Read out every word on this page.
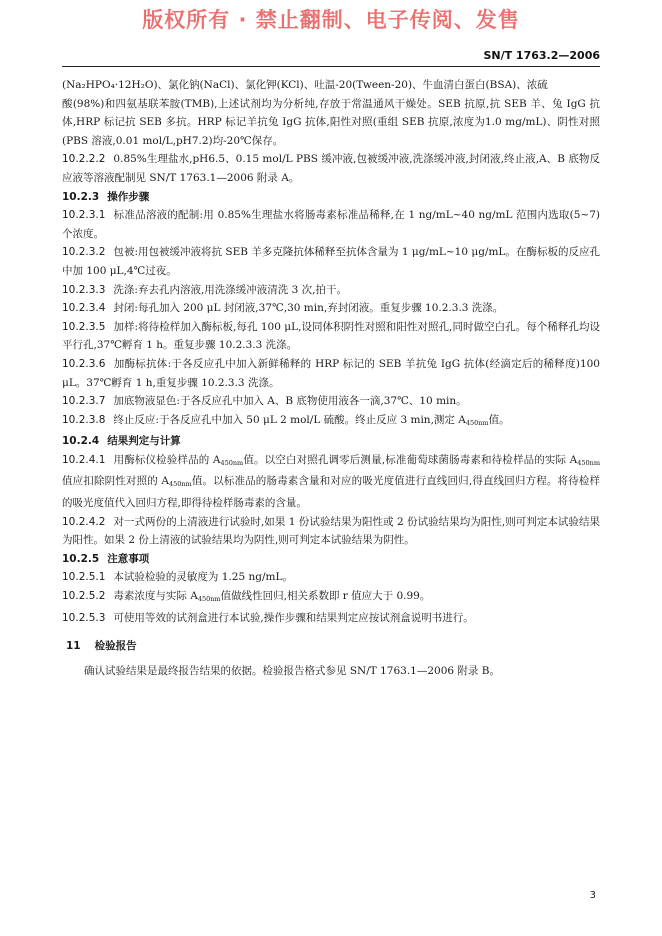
版权所有 · 禁止翻制、电子传阅、发售
SN/T 1763.2—2006

(Na₂HPO₄·12H₂O)、氯化钠(NaCl)、氯化钾(KCl)、吐温-20(Tween-20)、牛血清白蛋白(BSA)、浓硫

酸(98%)和四氨基联苯胺(TMB),上述试剂均为分析纯,存放于常温通风干燥处。SEB 抗原,抗 SEB 羊、兔 IgG 抗体,HRP 标记抗 SEB 多抗。HRP 标记羊抗兔 IgG 抗体,阳性对照(重组 SEB 抗原,浓度为1.0 mg/mL)、阴性对照(PBS 溶液,0.01 mol/L,pH7.2)均-20℃保存。

10.2.2.2 0.85%生理盐水,pH6.5、0.15 mol/L PBS 缓冲液,包被缓冲液,洗涤缓冲液,封闭液,终止液,A、B 底物反应液等溶液配制见 SN/T 1763.1—2006 附录 A。

10.2.3 操作步骤

10.2.3.1 标准品溶液的配制:用 0.85%生理盐水将肠毒素标准品稀释,在 1 ng/mL~40 ng/mL 范围内选取(5~7)个浓度。

10.2.3.2 包被:用包被缓冲液将抗 SEB 羊多克隆抗体稀释至抗体含量为 1 μg/mL~10 μg/mL。在酶标板的反应孔中加 100 μL,4℃过夜。

10.2.3.3 洗涤:弃去孔内溶液,用洗涤缓冲液清洗 3 次,拍干。

10.2.3.4 封闭:每孔加入 200 μL 封闭液,37℃,30 min,弃封闭液。重复步骤 10.2.3.3 洗涤。

10.2.3.5 加样:将待检样加入酶标板,每孔 100 μL,设同体积阴性对照和阳性对照孔,同时做空白孔。每个稀释孔均设平行孔,37℃孵育 1 h。重复步骤 10.2.3.3 洗涤。

10.2.3.6 加酶标抗体:于各反应孔中加入新鲜稀释的 HRP 标记的 SEB 羊抗兔 IgG 抗体(经滴定后的稀释度)100 μL。37℃孵育 1 h,重复步骤 10.2.3.3 洗涤。

10.2.3.7 加底物液显色:于各反应孔中加入 A、B 底物使用液各一滴,37℃、10 min。

10.2.3.8 终止反应:于各反应孔中加入 50 μL 2 mol/L 硫酸。终止反应 3 min,测定 $A_{450nm}$值。

10.2.4 结果判定与计算

10.2.4.1 用酶标仪检验样品的 $A_{450nm}$值。以空白对照孔调零后测量,标准葡萄球菌肠毒素和待检样品的实际 $A_{450nm}$值应扣除阴性对照的 $A_{450nm}$值。以标准品的肠毒素含量和对应的吸光度值进行直线回归,得直线回归方程。将待检样的吸光度值代入回归方程,即得待检样肠毒素的含量。

10.2.4.2 对一式两份的上清液进行试验时,如果 1 份试验结果为阳性或 2 份试验结果均为阳性,则可判定本试验结果为阳性。如果 2 份上清液的试验结果均为阴性,则可判定本试验结果为阴性。

10.2.5 注意事项

10.2.5.1 本试验检验的灵敏度为 1.25 ng/mL。

10.2.5.2 毒素浓度与实际 $A_{450nm}$值做线性回归,相关系数即 r 值应大于 0.99。

10.2.5.3 可使用等效的试剂盒进行本试验,操作步骤和结果判定应按试剂盒说明书进行。

11 检验报告

确认试验结果是最终报告结果的依据。检验报告格式参见 SN/T 1763.1—2006 附录 B。

3
